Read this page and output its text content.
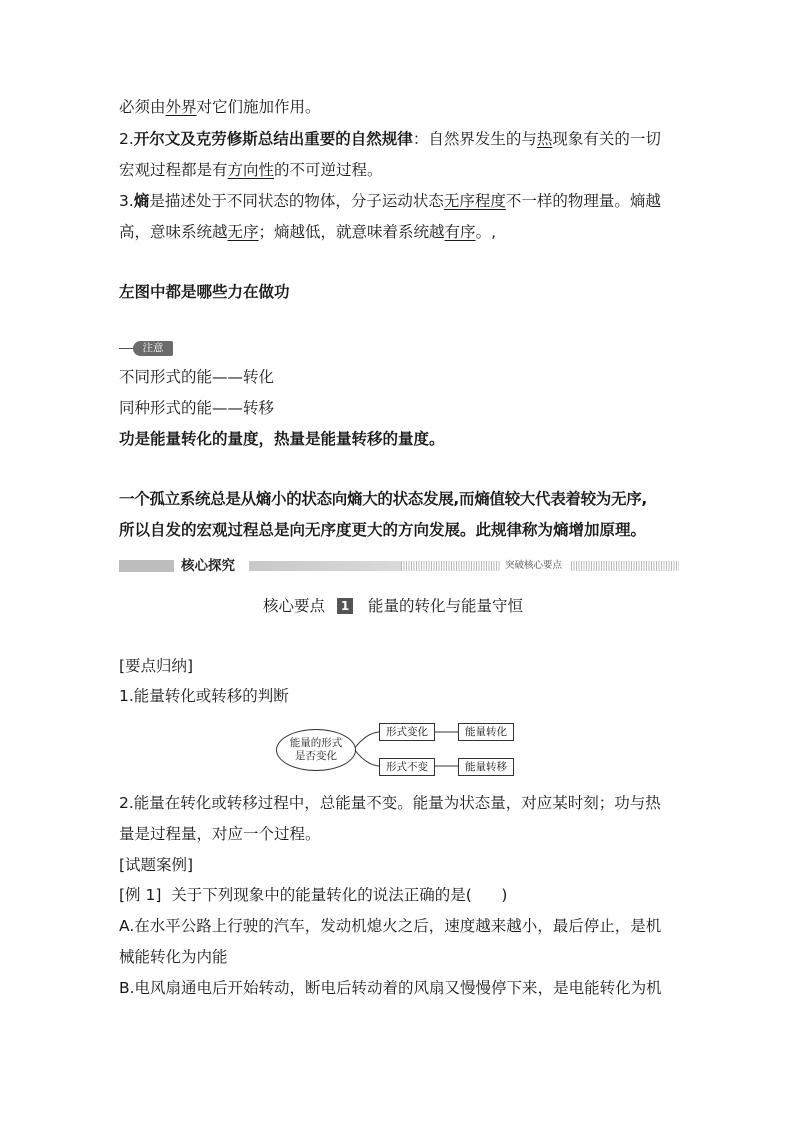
必须由外界对它们施加作用。
2.开尔文及克劳修斯总结出重要的自然规律：自然界发生的与热现象有关的一切
宏观过程都是有方向性的不可逆过程。
3.熵是描述处于不同状态的物体，分子运动状态无序程度不一样的物理量。熵越
高，意味系统越无序；熵越低，就意味着系统越有序。,
左图中都是哪些力在做功
注意
不同形式的能——转化
同种形式的能——转移
功是能量转化的量度，热量是能量转移的量度。
一个孤立系统总是从熵小的状态向熵大的状态发展,而熵值较大代表着较为无序,
所以自发的宏观过程总是向无序度更大的方向发展。此规律称为熵增加原理。
核心探究	突破核心要点
核心要点	1 能量的转化与能量守恒
[要点归纳]
1.能量转化或转移的判断
能量的形式
是否变化
形式变化	能量转化
形式不变	能量转移
2.能量在转化或转移过程中，总能量不变。能量为状态量，对应某时刻；功与热
量是过程量，对应一个过程。
[试题案例]
[例 1]  关于下列现象中的能量转化的说法正确的是(      )
A.在水平公路上行驶的汽车，发动机熄火之后，速度越来越小，最后停止，是机
械能转化为内能
B.电风扇通电后开始转动，断电后转动着的风扇又慢慢停下来，是电能转化为机
